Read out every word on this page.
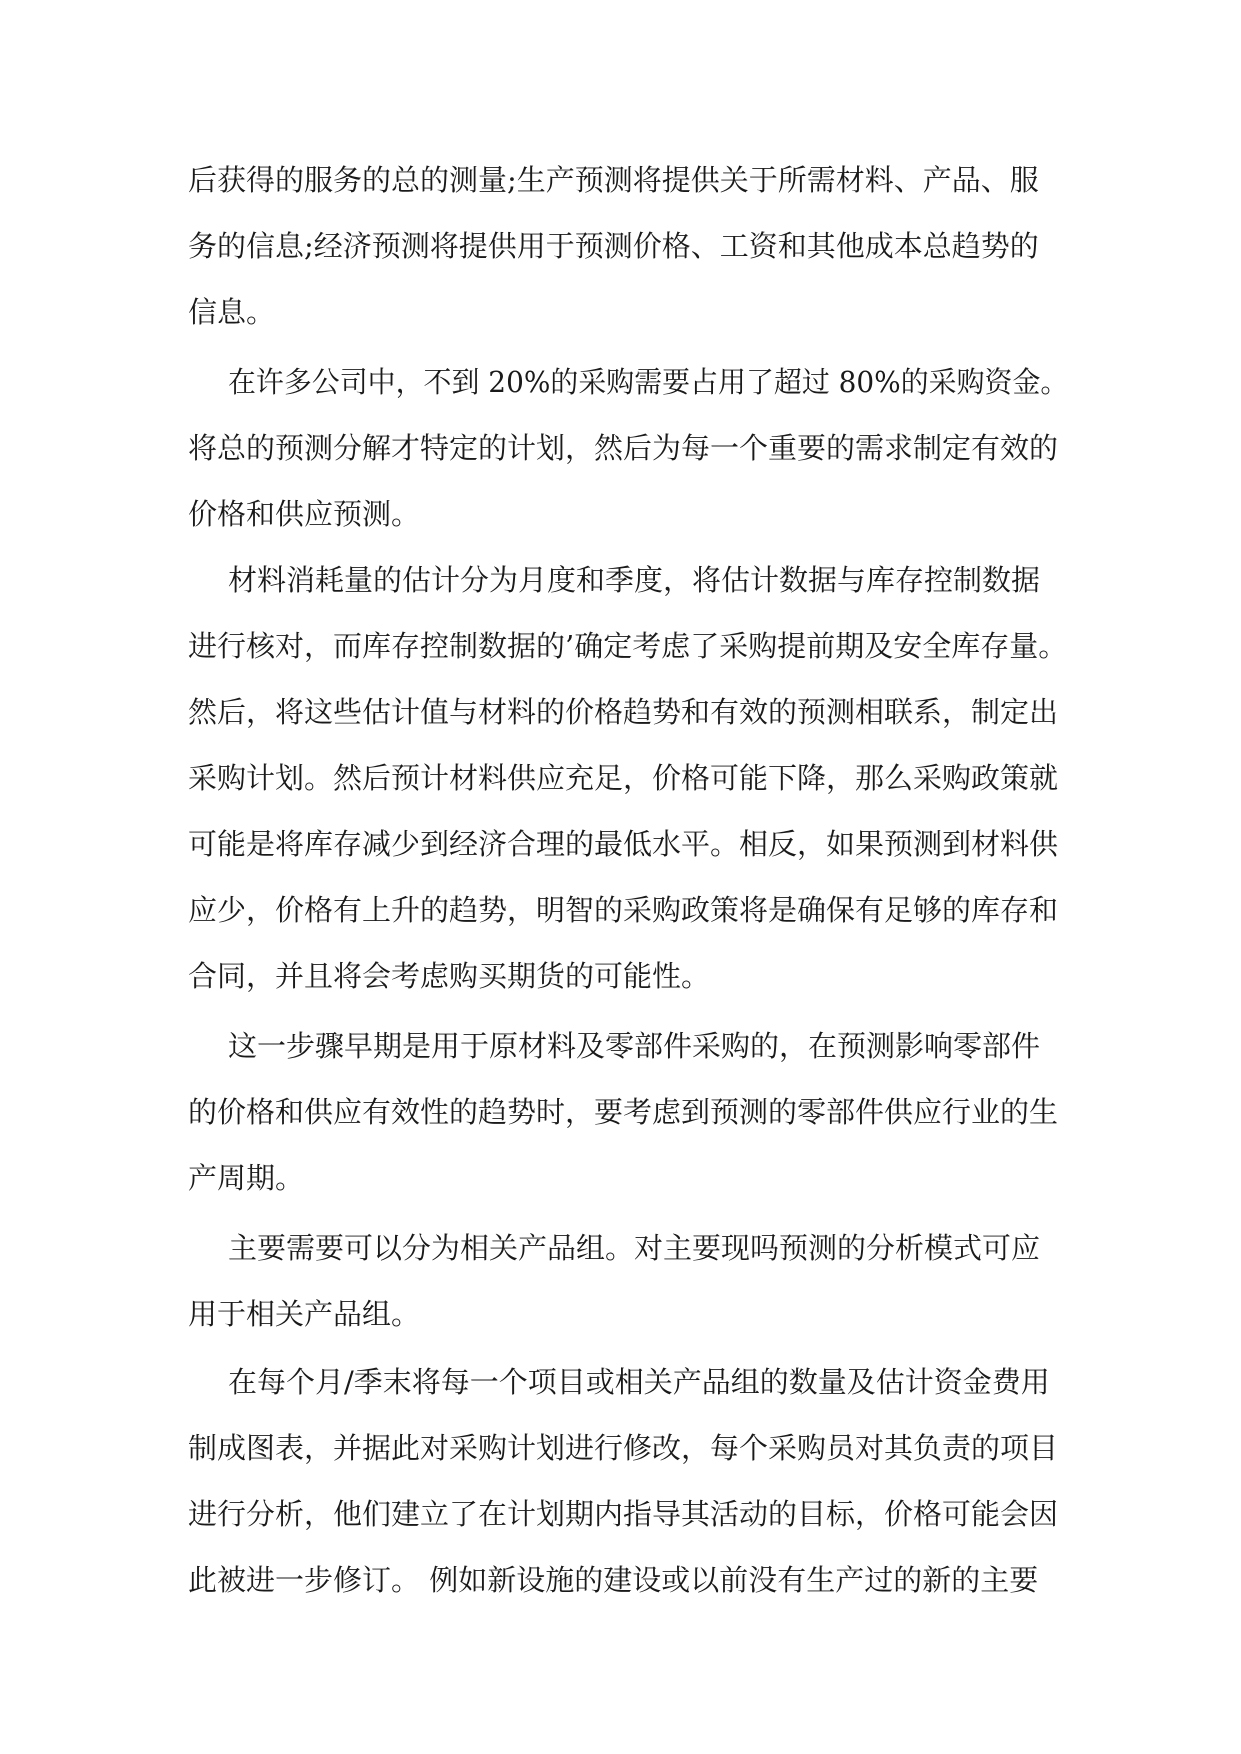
后获得的服务的总的测量;生产预测将提供关于所需材料、产品、服
务的信息;经济预测将提供用于预测价格、工资和其他成本总趋势的
信息。
在许多公司中，不到 20%的采购需要占用了超过 80%的采购资金。
将总的预测分解才特定的计划，然后为每一个重要的需求制定有效的
价格和供应预测。
材料消耗量的估计分为月度和季度，将估计数据与库存控制数据
进行核对，而库存控制数据的’确定考虑了采购提前期及安全库存量。
然后，将这些估计值与材料的价格趋势和有效的预测相联系，制定出
采购计划。然后预计材料供应充足，价格可能下降，那么采购政策就
可能是将库存减少到经济合理的最低水平。相反，如果预测到材料供
应少，价格有上升的趋势，明智的采购政策将是确保有足够的库存和
合同，并且将会考虑购买期货的可能性。
这一步骤早期是用于原材料及零部件采购的，在预测影响零部件
的价格和供应有效性的趋势时，要考虑到预测的零部件供应行业的生
产周期。
主要需要可以分为相关产品组。对主要现吗预测的分析模式可应
用于相关产品组。
在每个月/季末将每一个项目或相关产品组的数量及估计资金费用
制成图表，并据此对采购计划进行修改，每个采购员对其负责的项目
进行分析，他们建立了在计划期内指导其活动的目标，价格可能会因
此被进一步修订。 例如新设施的建设或以前没有生产过的新的主要
